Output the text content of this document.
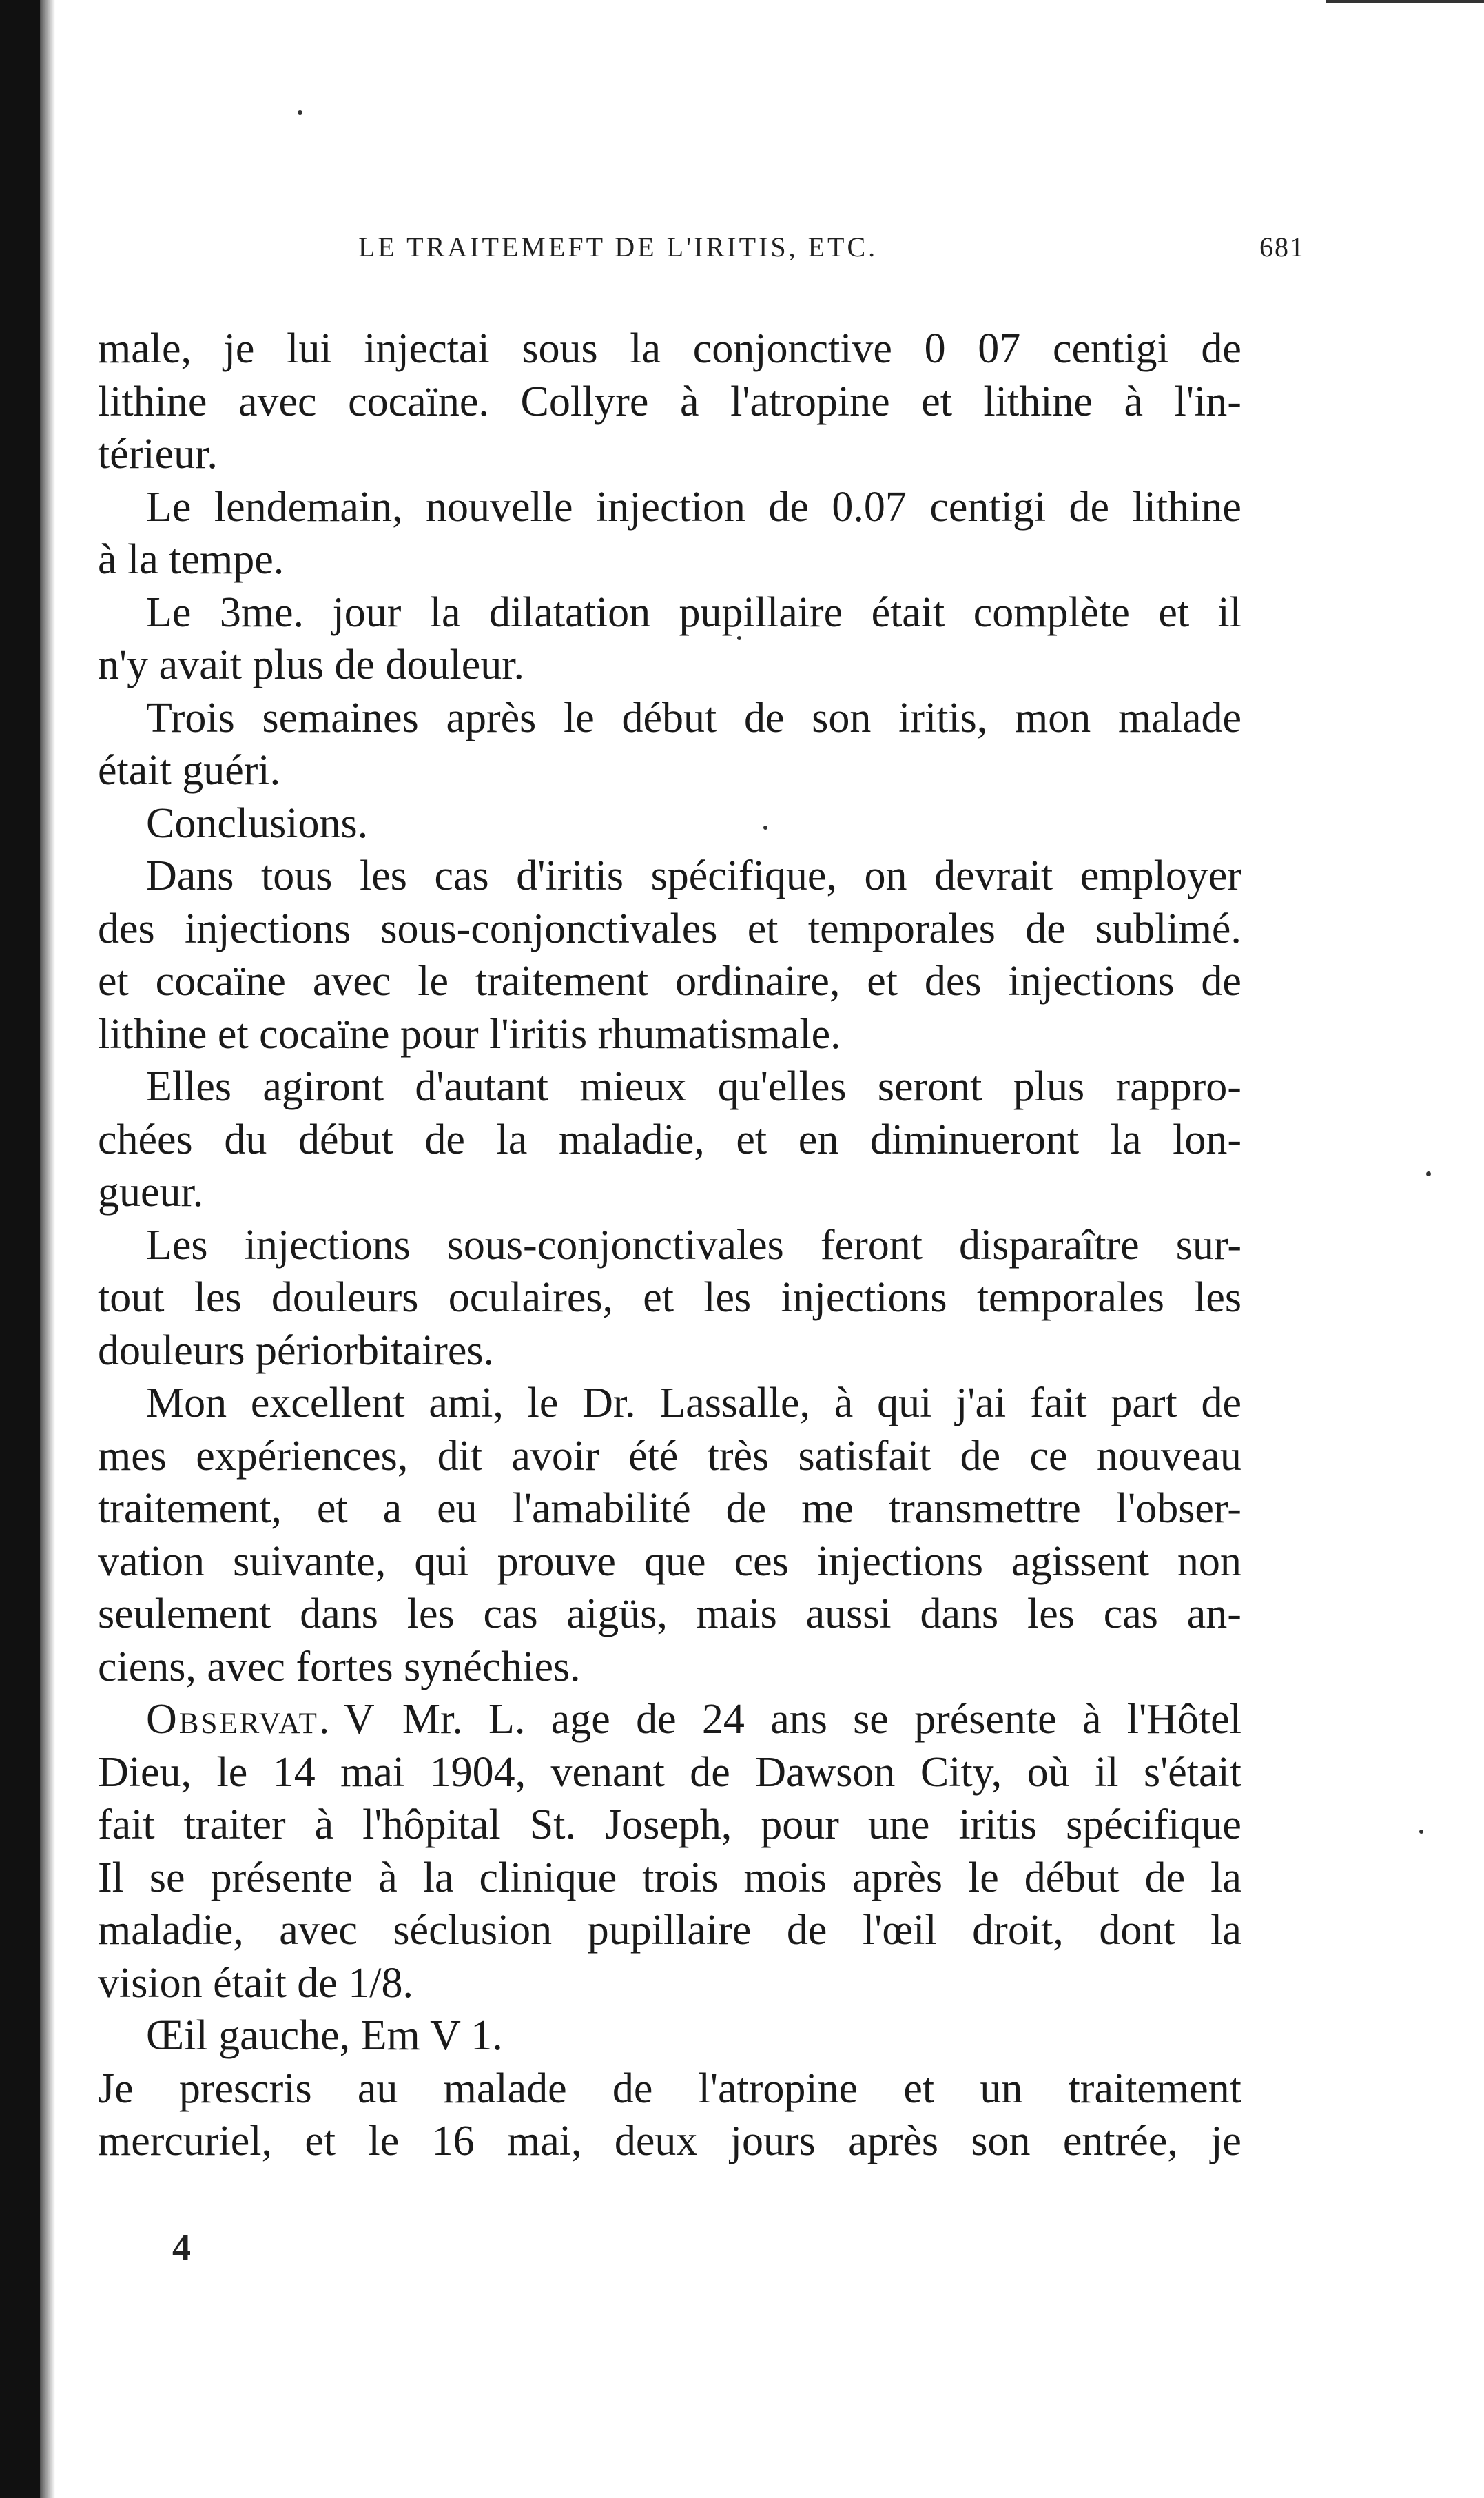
LE TRAITEMEFT DE L'IRITIS, ETC.	681
male, je lui injectai sous la conjonctive 0 07 centigi de
lithine avec cocaïne. Collyre à l'atropine et lithine à l'in-
térieur.
Le lendemain, nouvelle injection de 0.07 centigi de lithine
à la tempe.
Le 3me. jour la dilatation pupillaire était complète et il
n'y avait plus de douleur.
Trois semaines après le début de son iritis, mon malade
était guéri.
Conclusions.
Dans tous les cas d'iritis spécifique, on devrait employer
des injections sous-conjonctivales et temporales de sublimé.
et cocaïne avec le traitement ordinaire, et des injections de
lithine et cocaïne pour l'iritis rhumatismale.
Elles agiront d'autant mieux qu'elles seront plus rappro-
chées du début de la maladie, et en diminueront la lon-
gueur.
Les injections sous-conjonctivales feront disparaître sur-
tout les douleurs oculaires, et les injections temporales les
douleurs périorbitaires.
Mon excellent ami, le Dr. Lassalle, à qui j'ai fait part de
mes expériences, dit avoir été très satisfait de ce nouveau
traitement, et a eu l'amabilité de me transmettre l'obser-
vation suivante, qui prouve que ces injections agissent non
seulement dans les cas aigüs, mais aussi dans les cas an-
ciens, avec fortes synéchies.
Observat. V Mr. L. age de 24 ans se présente à l'Hôtel
Dieu, le 14 mai 1904, venant de Dawson City, où il s'était
fait traiter à l'hôpital St. Joseph, pour une iritis spécifique
Il se présente à la clinique trois mois après le début de la
maladie, avec séclusion pupillaire de l'œil droit, dont la
vision était de 1/8.
Œil gauche, Em V 1.
Je prescris au malade de l'atropine et un traitement
mercuriel, et le 16 mai, deux jours après son entrée, je
4
